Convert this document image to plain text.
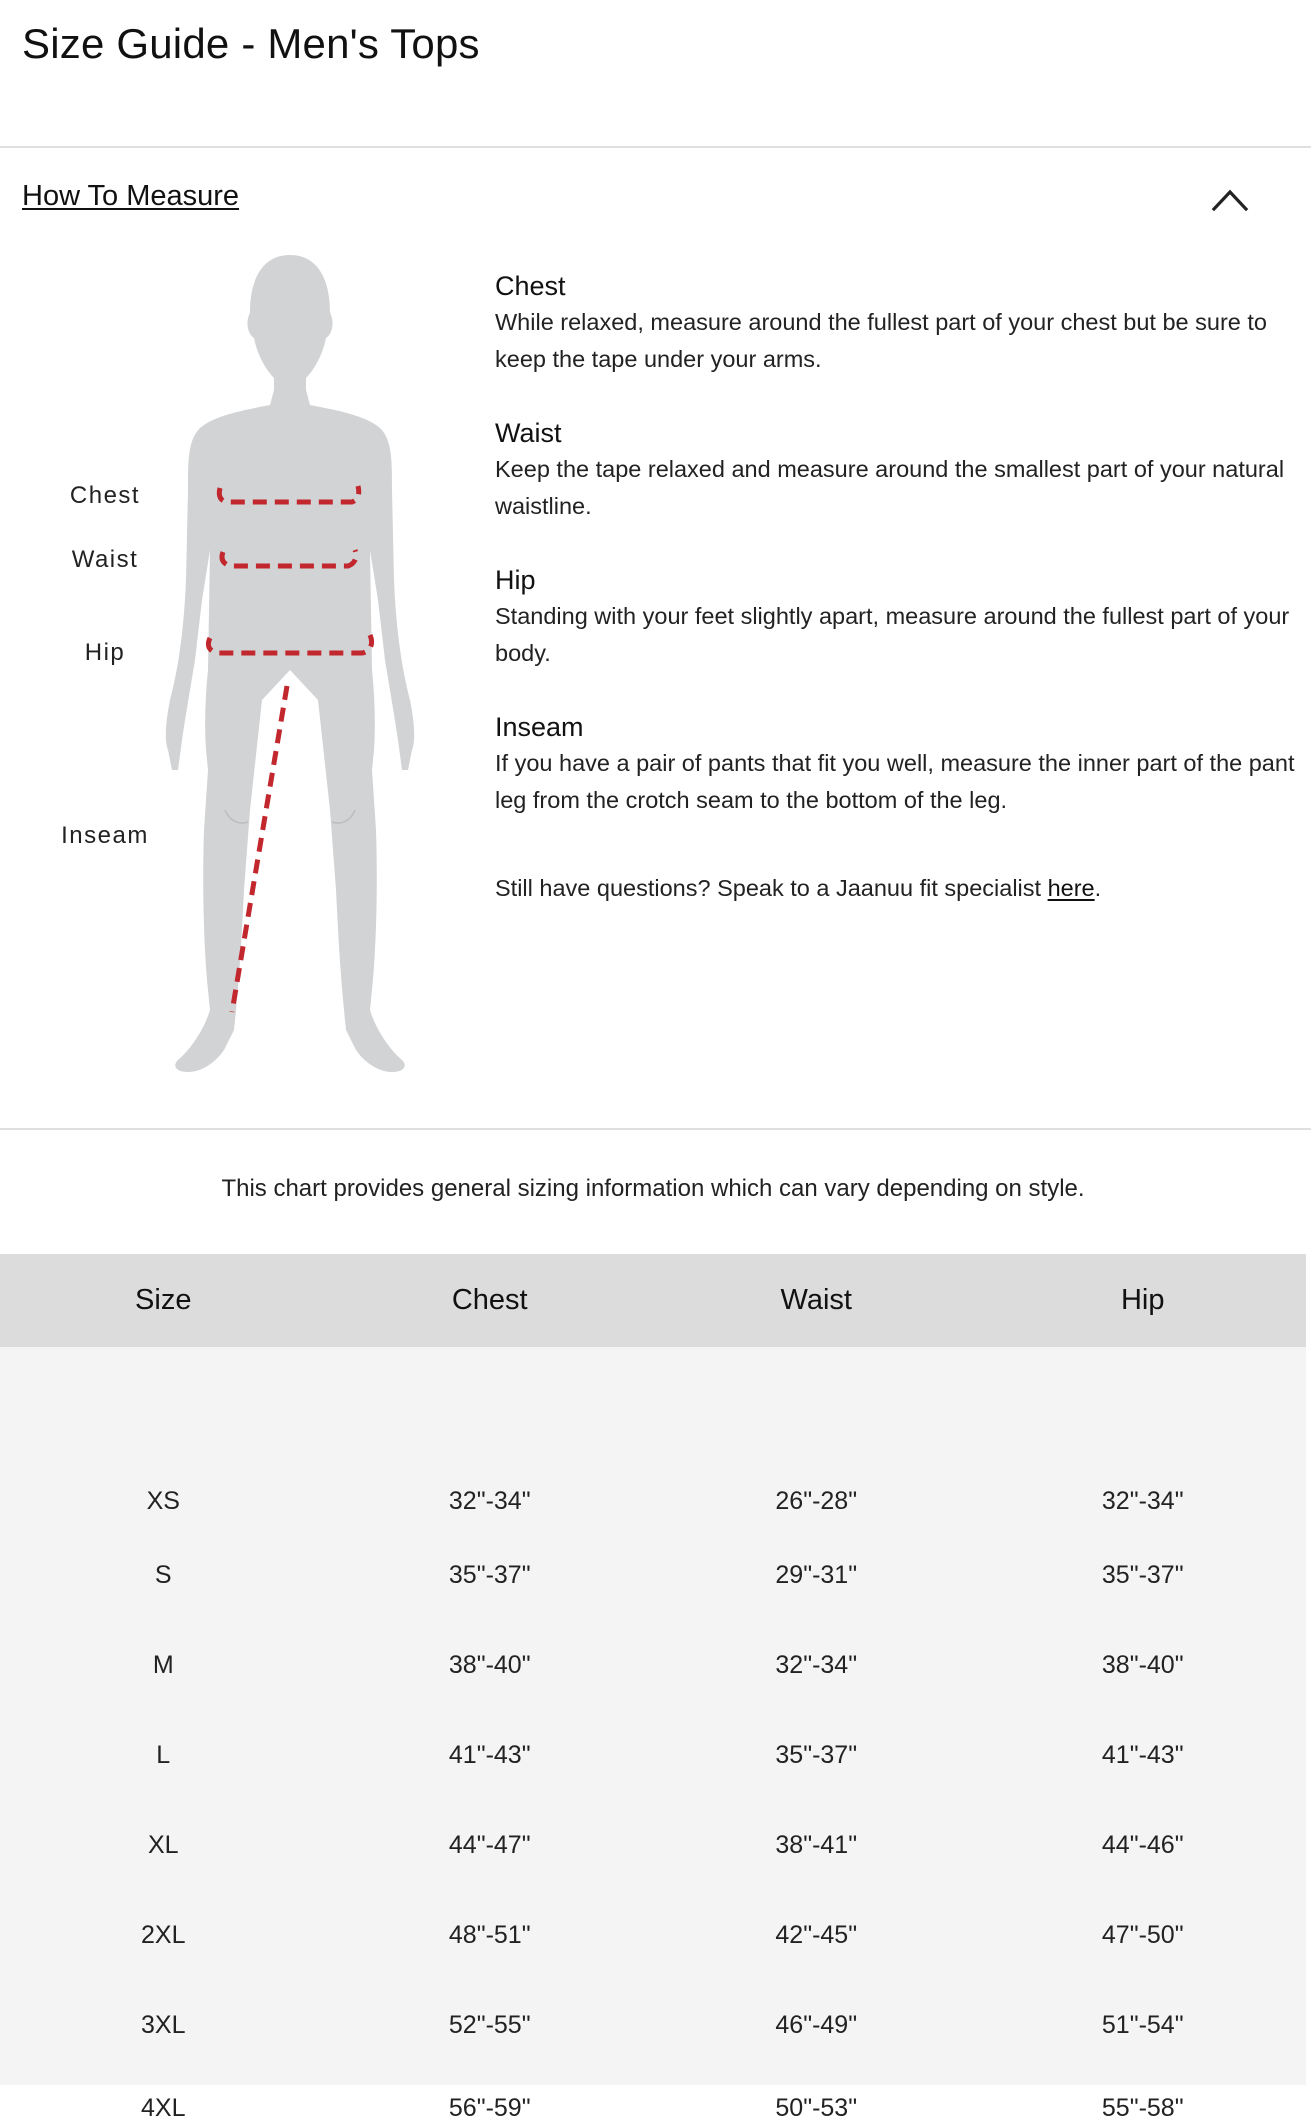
Size Guide - Men's Tops
How To Measure
Chest
Waist
Hip
Inseam
Chest
While relaxed, measure around the fullest part of your chest but be sure to keep the tape under your arms.
Waist
Keep the tape relaxed and measure around the smallest part of your natural waistline.
Hip
Standing with your feet slightly apart, measure around the fullest part of your body.
Inseam
If you have a pair of pants that fit you well, measure the inner part of the pant leg from the crotch seam to the bottom of the leg.
Still have questions? Speak to a Jaanuu fit specialist here.
This chart provides general sizing information which can vary depending on style.
Size	Chest	Waist	Hip
XS	32"-34"	26"-28"	32"-34"
S	35"-37"	29"-31"	35"-37"
M	38"-40"	32"-34"	38"-40"
L	41"-43"	35"-37"	41"-43"
XL	44"-47"	38"-41"	44"-46"
2XL	48"-51"	42"-45"	47"-50"
3XL	52"-55"	46"-49"	51"-54"
4XL	56"-59"	50"-53"	55"-58"
